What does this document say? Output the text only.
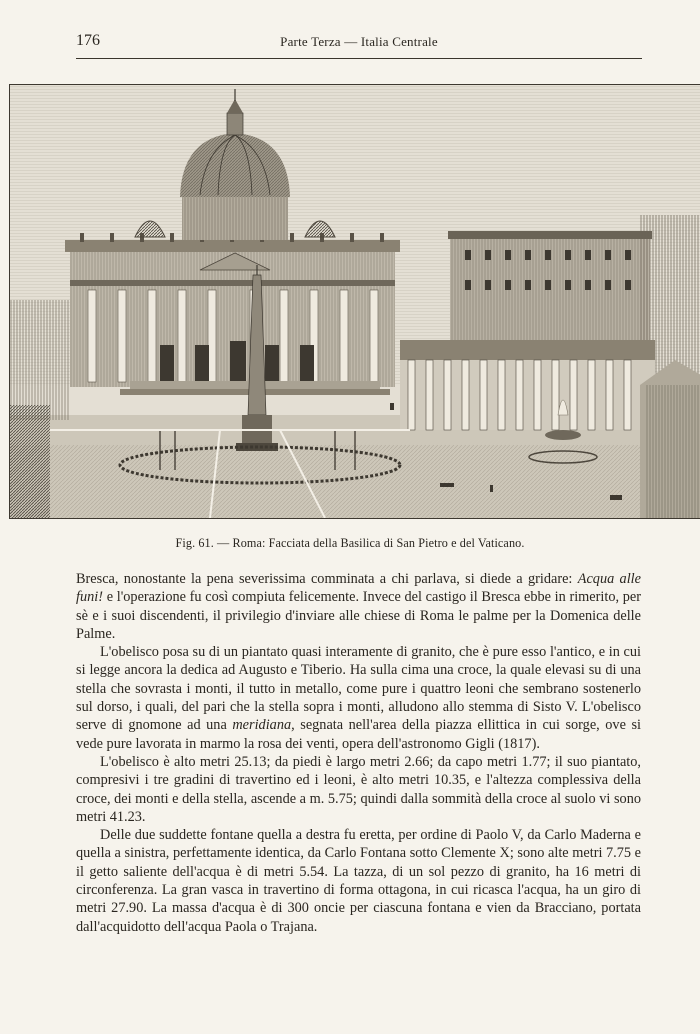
176	Parte Terza — Italia Centrale
Fig. 61. — Roma: Facciata della Basilica di San Pietro e del Vaticano.

Bresca, nonostante la pena severissima comminata a chi parlava, si diede a gridare: Acqua alle funi! e l'operazione fu così compiuta felicemente. Invece del castigo il Bresca ebbe in rimerito, per sè e i suoi discendenti, il privilegio d'inviare alle chiese di Roma le palme per la Domenica delle Palme.

L'obelisco posa su di un piantato quasi interamente di granito, che è pure esso l'antico, e in cui si legge ancora la dedica ad Augusto e Tiberio. Ha sulla cima una croce, la quale elevasi su di una stella che sovrasta i monti, il tutto in metallo, come pure i quattro leoni che sembrano sostenerlo sul dorso, i quali, del pari che la stella sopra i monti, alludono allo stemma di Sisto V. L'obelisco serve di gnomone ad una meridiana, segnata nell'area della piazza ellittica in cui sorge, ove si vede pure lavorata in marmo la rosa dei venti, opera dell'astronomo Gigli (1817).

L'obelisco è alto metri 25.13; da piedi è largo metri 2.66; da capo metri 1.77; il suo piantato, compresivi i tre gradini di travertino ed i leoni, è alto metri 10.35, e l'altezza complessiva della croce, dei monti e della stella, ascende a m. 5.75; quindi dalla sommità della croce al suolo vi sono metri 41.23.

Delle due suddette fontane quella a destra fu eretta, per ordine di Paolo V, da Carlo Maderna e quella a sinistra, perfettamente identica, da Carlo Fontana sotto Clemente X; sono alte metri 7.75 e il getto saliente dell'acqua è di metri 5.54. La tazza, di un sol pezzo di granito, ha 16 metri di circonferenza. La gran vasca in travertino di forma ottagona, in cui ricasca l'acqua, ha un giro di metri 27.90. La massa d'acqua è di 300 oncie per ciascuna fontana e vien da Bracciano, portata dall'acquidotto dell'acqua Paola o Trajana.
